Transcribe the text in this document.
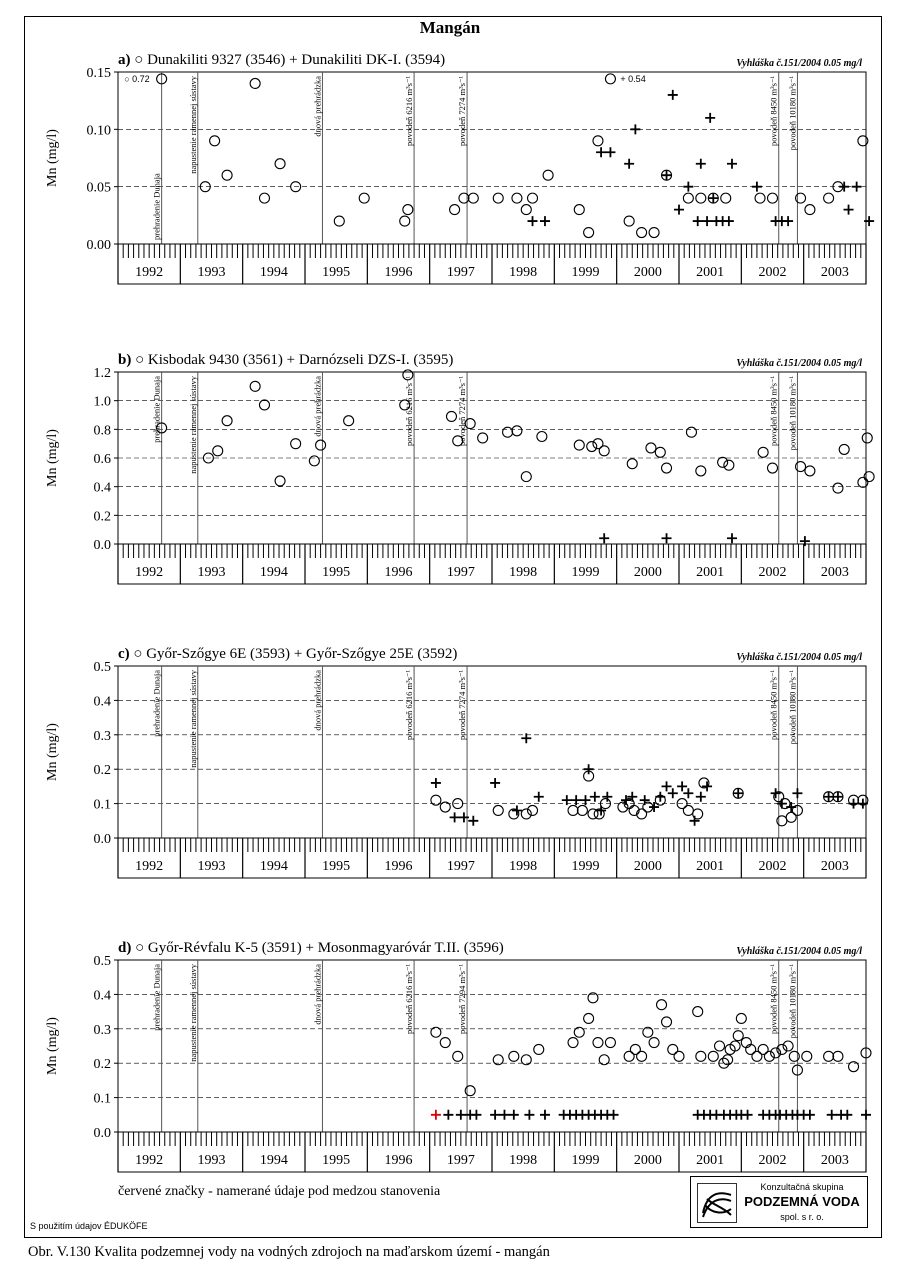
Mangán
a) ○ Dunakiliti 9327 (3546) + Dunakiliti DK-I. (3594)	Vyhláška č.151/2004 0.05 mg/l
0.00
0.05
0.10
0.15
Mn (mg/l)
prehradenie Dunaja
napustenie ramennej sústavy	dnová prehrádzka	povodeň 6216 m³s⁻¹	povodeň 7274 m³s⁻¹	povodeň 8450 m³s⁻¹ povodeň 10180 m³s⁻¹
1992 1993 1994 1995 1996 1997 1998 1999 2000 2001 2002 2003
○ 0.72	+ 0.54
b) ○ Kisbodak 9430 (3561) + Darnózseli DZS-I. (3595)	Vyhláška č.151/2004 0.05 mg/l
0.0
0.2
0.4
0.6
0.8
1.0
1.2
Mn (mg/l)
prehradenie Dunaja	napustenie ramennej sústavy	dnová prehrádzka	povodeň 6216 m³s⁻¹	povodeň 7274 m³s⁻¹	povodeň 8450 m³s⁻¹ povodeň 10180 m³s⁻¹
1992 1993 1994 1995 1996 1997 1998 1999 2000 2001 2002 2003
c) ○ Győr-Szőgye 6E (3593) + Győr-Szőgye 25E (3592)	Vyhláška č.151/2004 0.05 mg/l
0.0
0.1
0.2
0.3
0.4
0.5
Mn (mg/l)
prehradenie Dunaja	napustenie ramennej sústavy	dnová prehrádzka	povodeň 6216 m³s⁻¹	povodeň 7274 m³s⁻¹	povodeň 8450 m³s⁻¹ povodeň 10180 m³s⁻¹
1992 1993 1994 1995 1996 1997 1998 1999 2000 2001 2002 2003
d) ○ Győr-Révfalu K-5 (3591) + Mosonmagyaróvár T.II. (3596)	Vyhláška č.151/2004 0.05 mg/l
0.0
0.1
0.2
0.3
0.4
0.5
Mn (mg/l)
prehradenie Dunaja	napustenie ramennej sústavy	dnová prehrádzka	povodeň 6216 m³s⁻¹	povodeň 7294 m³s⁻¹	povodeň 8450 m³s⁻¹ povodeň 10180 m³s⁻¹
1992 1993 1994 1995 1996 1997 1998 1999 2000 2001 2002 2003
červené značky - namerané údaje pod medzou stanovenia	Konzultačná skupina
PODZEMNÁ VODA
spol. s r. o.
S použitím údajov ÉDUKÖFE
Obr. V.130 Kvalita podzemnej vody na vodných zdrojoch na maďarskom území - mangán
